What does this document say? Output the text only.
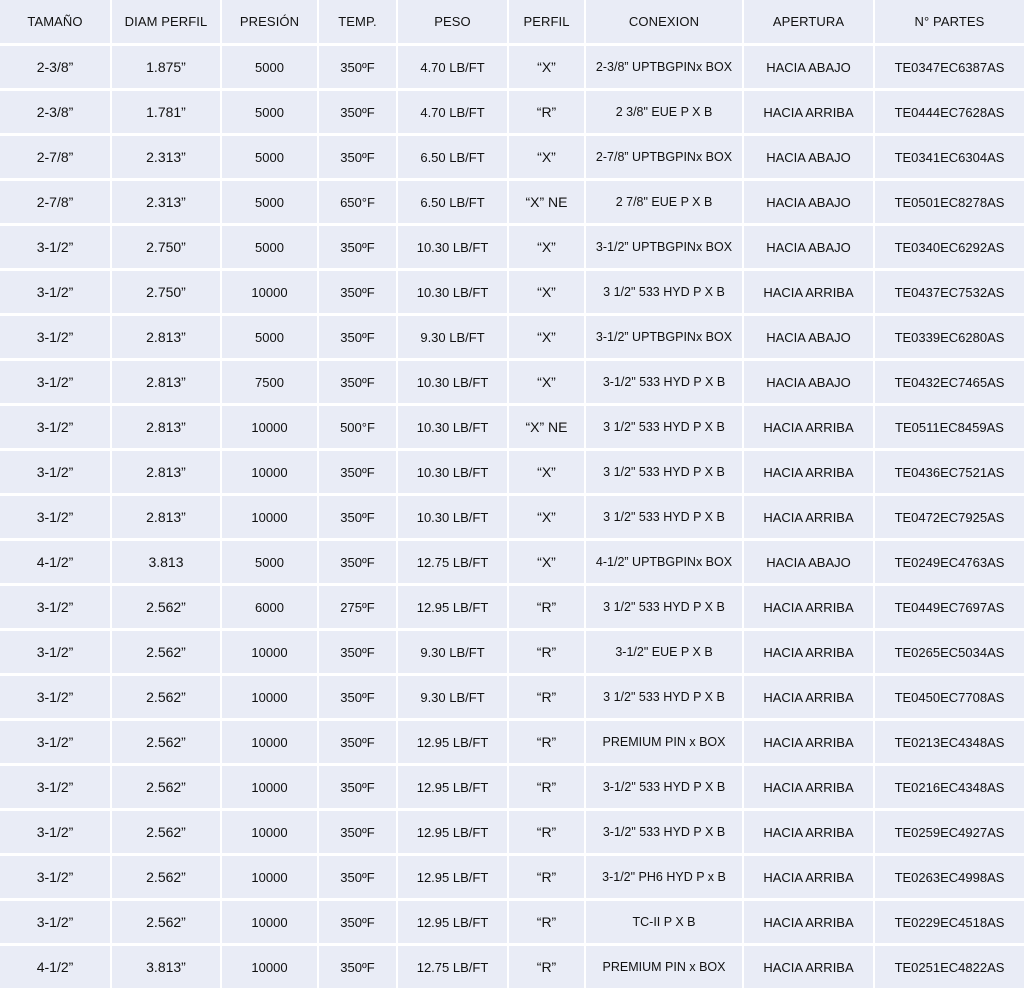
TAMAÑO	DIAM PERFIL	PRESIÓN	TEMP.	PESO	PERFIL	CONEXION	APERTURA	N° PARTES
2-3/8”	1.875”	5000	350ºF	4.70 LB/FT	“X”	2-3/8” UPTBGPINx BOX	HACIA ABAJO	TE0347EC6387AS
2-3/8”	1.781”	5000	350ºF	4.70 LB/FT	“R”	2 3/8" EUE P X B	HACIA ARRIBA	TE0444EC7628AS
2-7/8”	2.313”	5000	350ºF	6.50 LB/FT	“X”	2-7/8” UPTBGPINx BOX	HACIA ABAJO	TE0341EC6304AS
2-7/8”	2.313”	5000	650°F	6.50 LB/FT	“X” NE	2 7/8" EUE P X B	HACIA ABAJO	TE0501EC8278AS
3-1/2”	2.750”	5000	350ºF	10.30 LB/FT	“X”	3-1/2” UPTBGPINx BOX	HACIA ABAJO	TE0340EC6292AS
3-1/2”	2.750”	10000	350ºF	10.30 LB/FT	“X”	3 1/2" 533 HYD P X B	HACIA ARRIBA	TE0437EC7532AS
3-1/2”	2.813”	5000	350ºF	9.30 LB/FT	“X”	3-1/2” UPTBGPINx BOX	HACIA ABAJO	TE0339EC6280AS
3-1/2”	2.813”	7500	350ºF	10.30 LB/FT	“X”	3-1/2" 533 HYD P X B	HACIA ABAJO	TE0432EC7465AS
3-1/2”	2.813”	10000	500°F	10.30 LB/FT	“X” NE	3 1/2" 533 HYD P X B	HACIA ARRIBA	TE0511EC8459AS
3-1/2”	2.813”	10000	350ºF	10.30 LB/FT	“X”	3 1/2" 533 HYD P X B	HACIA ARRIBA	TE0436EC7521AS
3-1/2”	2.813”	10000	350ºF	10.30 LB/FT	“X”	3 1/2" 533 HYD P X B	HACIA ARRIBA	TE0472EC7925AS
4-1/2”	3.813	5000	350ºF	12.75 LB/FT	“X”	4-1/2” UPTBGPINx BOX	HACIA ABAJO	TE0249EC4763AS
3-1/2”	2.562”	6000	275ºF	12.95 LB/FT	“R”	3 1/2" 533 HYD P X B	HACIA ARRIBA	TE0449EC7697AS
3-1/2”	2.562”	10000	350ºF	9.30 LB/FT	“R”	3-1/2" EUE P X B	HACIA ARRIBA	TE0265EC5034AS
3-1/2”	2.562”	10000	350ºF	9.30 LB/FT	“R”	3 1/2" 533 HYD P X B	HACIA ARRIBA	TE0450EC7708AS
3-1/2”	2.562”	10000	350ºF	12.95 LB/FT	“R”	PREMIUM PIN x BOX	HACIA ARRIBA	TE0213EC4348AS
3-1/2”	2.562”	10000	350ºF	12.95 LB/FT	“R”	3-1/2" 533 HYD P X B	HACIA ARRIBA	TE0216EC4348AS
3-1/2”	2.562”	10000	350ºF	12.95 LB/FT	“R”	3-1/2" 533 HYD P X B	HACIA ARRIBA	TE0259EC4927AS
3-1/2”	2.562”	10000	350ºF	12.95 LB/FT	“R”	3-1/2" PH6 HYD P x B	HACIA ARRIBA	TE0263EC4998AS
3-1/2”	2.562”	10000	350ºF	12.95 LB/FT	“R”	TC-II P X B	HACIA ARRIBA	TE0229EC4518AS
4-1/2”	3.813”	10000	350ºF	12.75 LB/FT	“R”	PREMIUM PIN x BOX	HACIA ARRIBA	TE0251EC4822AS
